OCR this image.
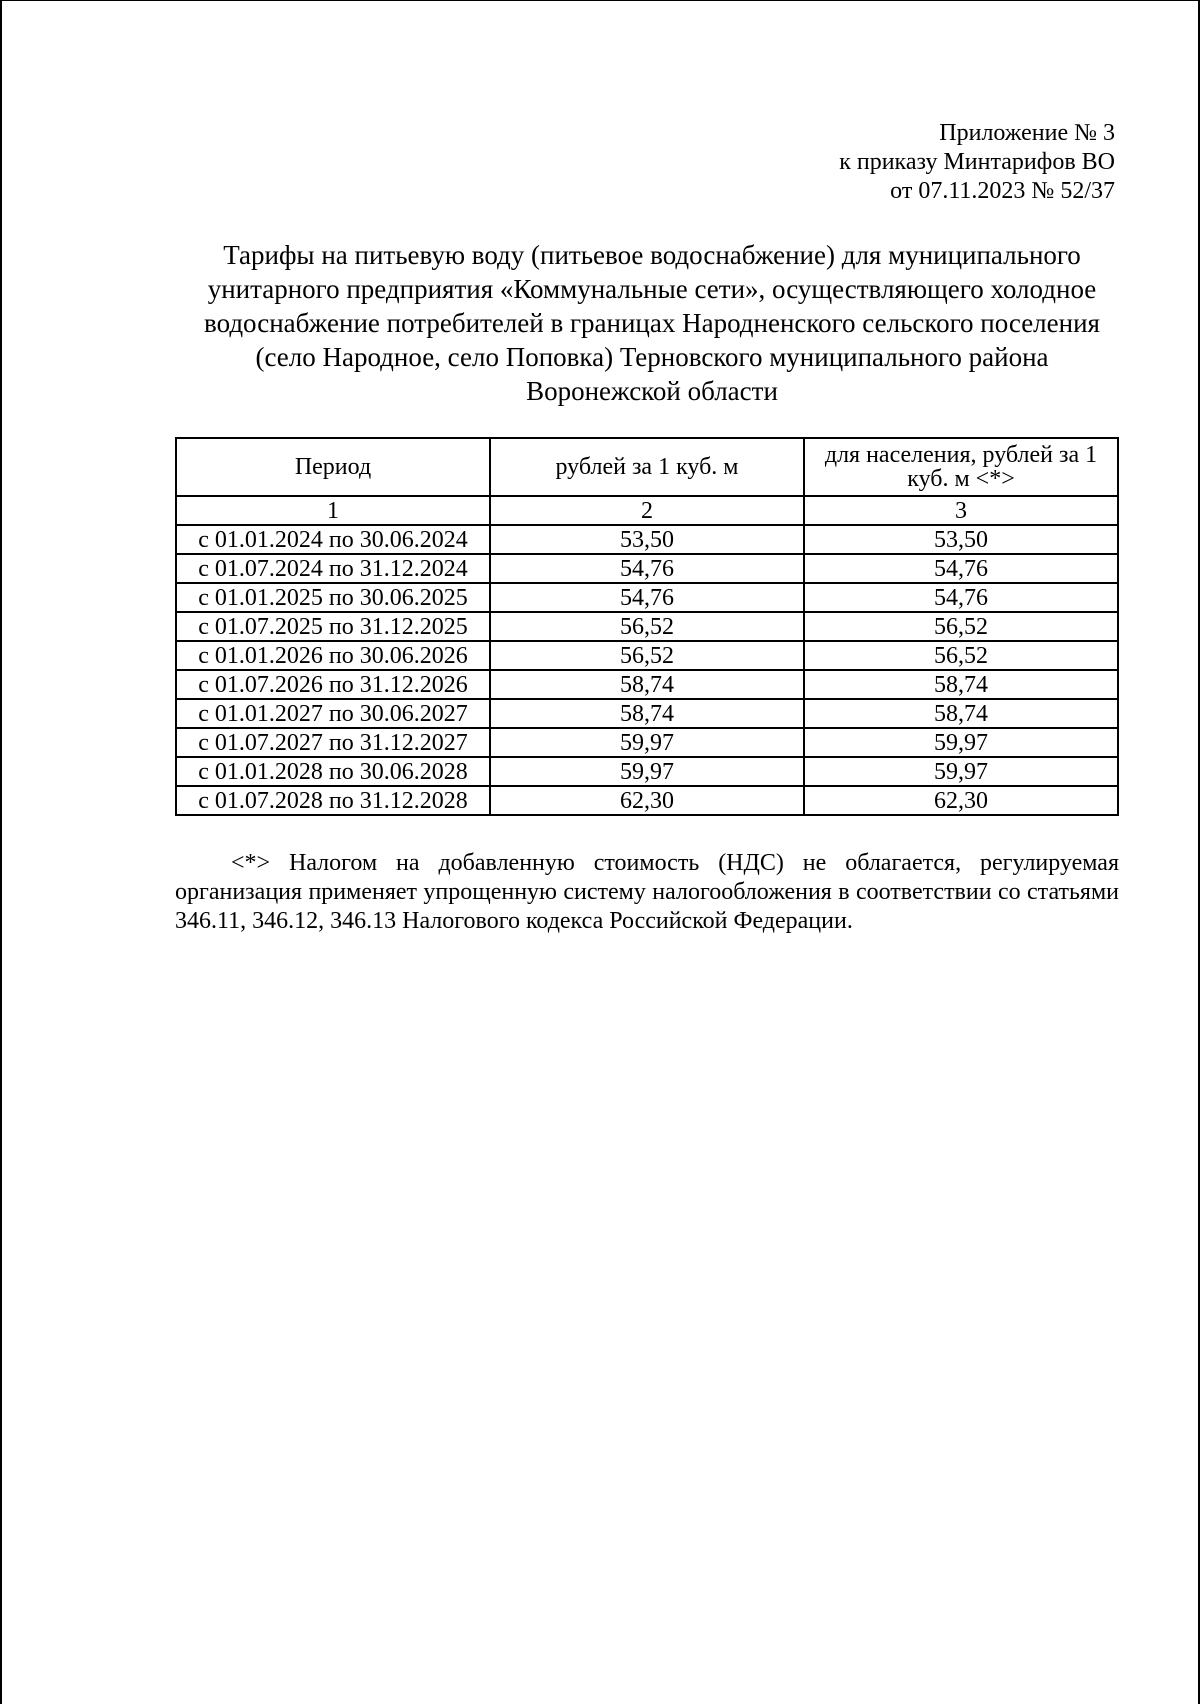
Приложение № 3
к приказу Минтарифов ВО
от 07.11.2023 № 52/37
Тарифы на питьевую воду (питьевое водоснабжение) для муниципального
унитарного предприятия «Коммунальные сети», осуществляющего холодное
водоснабжение потребителей в границах Народненского сельского поселения
(село Народное, село Поповка) Терновского муниципального района
Воронежской области
Период	рублей за 1 куб. м	для населения, рублей за 1 куб. м <*>
1	2	3
с 01.01.2024 по 30.06.2024	53,50	53,50
с 01.07.2024 по 31.12.2024	54,76	54,76
с 01.01.2025 по 30.06.2025	54,76	54,76
с 01.07.2025 по 31.12.2025	56,52	56,52
с 01.01.2026 по 30.06.2026	56,52	56,52
с 01.07.2026 по 31.12.2026	58,74	58,74
с 01.01.2027 по 30.06.2027	58,74	58,74
с 01.07.2027 по 31.12.2027	59,97	59,97
с 01.01.2028 по 30.06.2028	59,97	59,97
с 01.07.2028 по 31.12.2028	62,30	62,30

<*> Налогом на добавленную стоимость (НДС) не облагается, регулируемая организация применяет упрощенную систему налогообложения в соответствии со статьями 346.11, 346.12, 346.13 Налогового кодекса Российской Федерации.
